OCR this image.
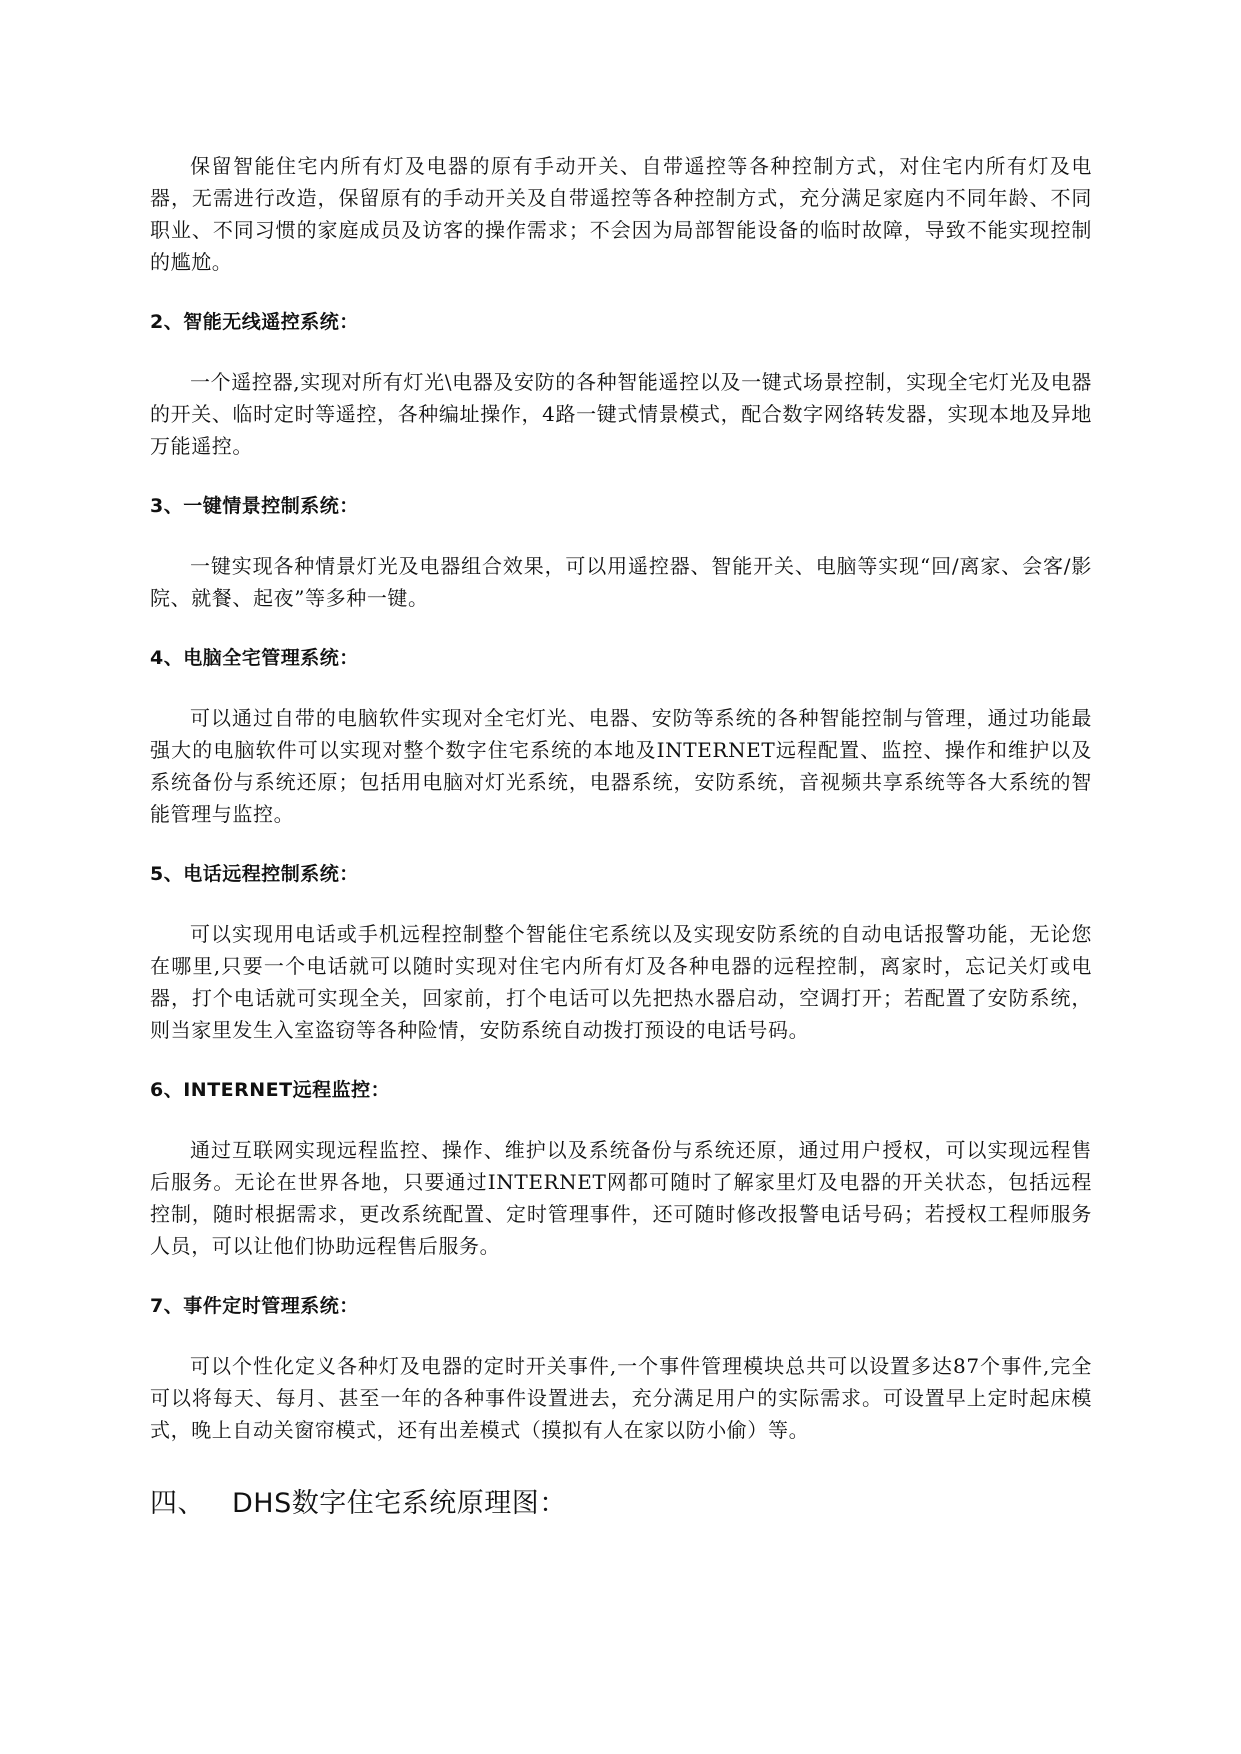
保留智能住宅内所有灯及电器的原有手动开关、自带遥控等各种控制方式，对住宅内所有灯及电器，无需进行改造，保留原有的手动开关及自带遥控等各种控制方式，充分满足家庭内不同年龄、不同职业、不同习惯的家庭成员及访客的操作需求；不会因为局部智能设备的临时故障，导致不能实现控制的尴尬。

2、智能无线遥控系统：

一个遥控器,实现对所有灯光\电器及安防的各种智能遥控以及一键式场景控制，实现全宅灯光及电器的开关、临时定时等遥控，各种编址操作，4路一键式情景模式，配合数字网络转发器，实现本地及异地万能遥控。

3、一键情景控制系统：

一键实现各种情景灯光及电器组合效果，可以用遥控器、智能开关、电脑等实现“回/离家、会客/影院、就餐、起夜”等多种一键。

4、电脑全宅管理系统：

可以通过自带的电脑软件实现对全宅灯光、电器、安防等系统的各种智能控制与管理，通过功能最强大的电脑软件可以实现对整个数字住宅系统的本地及INTERNET远程配置、监控、操作和维护以及系统备份与系统还原；包括用电脑对灯光系统，电器系统，安防系统，音视频共享系统等各大系统的智能管理与监控。

5、电话远程控制系统：

可以实现用电话或手机远程控制整个智能住宅系统以及实现安防系统的自动电话报警功能，无论您在哪里,只要一个电话就可以随时实现对住宅内所有灯及各种电器的远程控制，离家时，忘记关灯或电器，打个电话就可实现全关，回家前，打个电话可以先把热水器启动，空调打开；若配置了安防系统，则当家里发生入室盗窃等各种险情，安防系统自动拨打预设的电话号码。

6、INTERNET远程监控：

通过互联网实现远程监控、操作、维护以及系统备份与系统还原，通过用户授权，可以实现远程售后服务。无论在世界各地，只要通过INTERNET网都可随时了解家里灯及电器的开关状态，包括远程控制，随时根据需求，更改系统配置、定时管理事件，还可随时修改报警电话号码；若授权工程师服务人员，可以让他们协助远程售后服务。

7、事件定时管理系统：

可以个性化定义各种灯及电器的定时开关事件,一个事件管理模块总共可以设置多达87个事件,完全可以将每天、每月、甚至一年的各种事件设置进去，充分满足用户的实际需求。可设置早上定时起床模式，晚上自动关窗帘模式，还有出差模式（摸拟有人在家以防小偷）等。

四、 DHS数字住宅系统原理图：
